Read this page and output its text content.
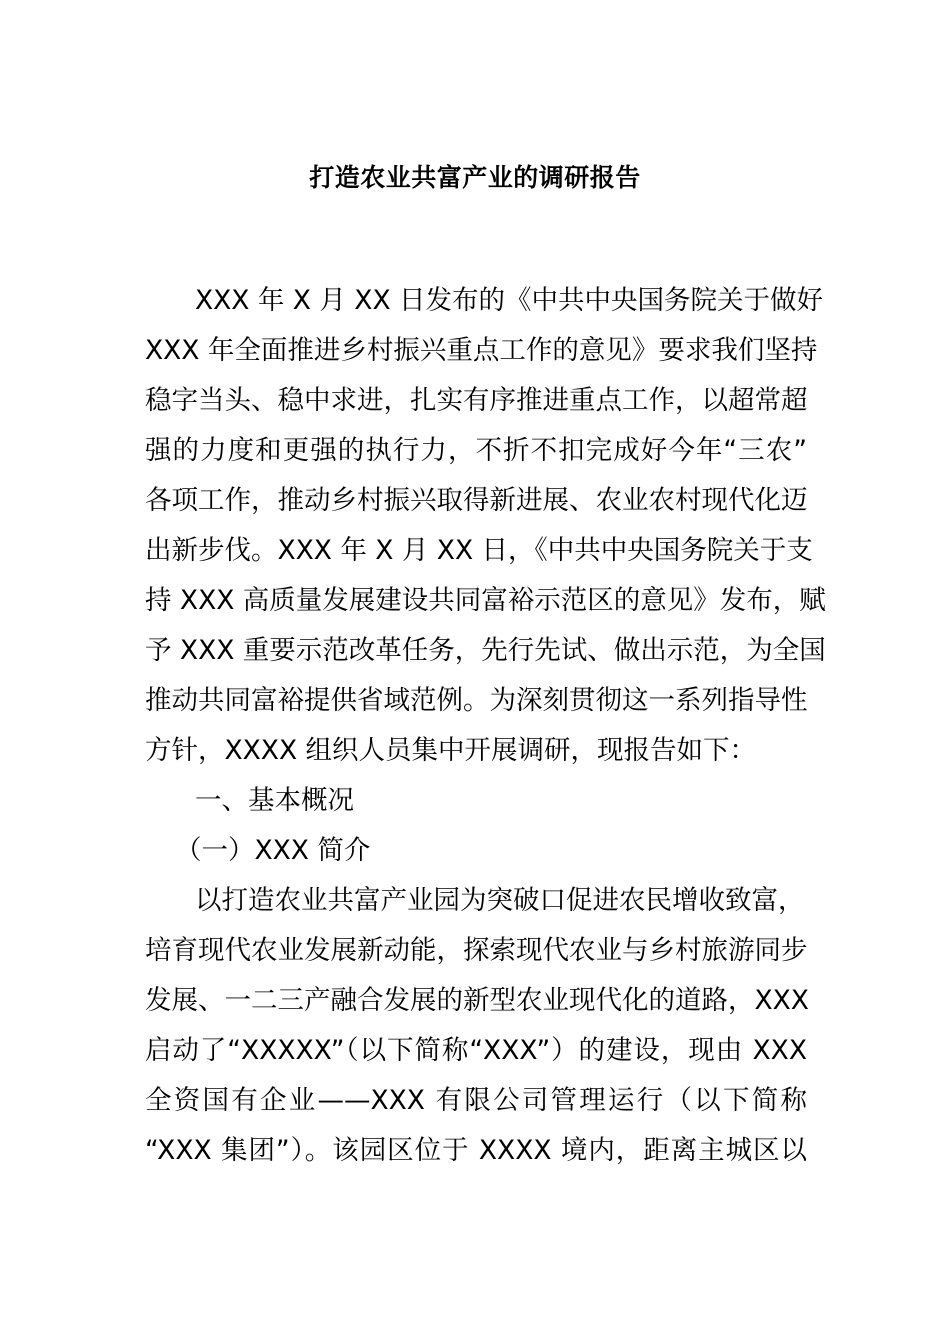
打造农业共富产业的调研报告
XXX 年 X 月 XX 日发布的《中共中央国务院关于做好
XXX 年全面推进乡村振兴重点工作的意见》要求我们坚持
稳字当头、稳中求进，扎实有序推进重点工作，以超常超
强的力度和更强的执行力，不折不扣完成好今年“三农”
各项工作，推动乡村振兴取得新进展、农业农村现代化迈
出新步伐。XXX 年 X 月 XX 日，《中共中央国务院关于支
持 XXX 高质量发展建设共同富裕示范区的意见》发布，赋
予 XXX 重要示范改革任务，先行先试、做出示范，为全国
推动共同富裕提供省域范例。为深刻贯彻这一系列指导性
方针，XXXX 组织人员集中开展调研，现报告如下：
一、基本概况
（一）XXX 简介
以打造农业共富产业园为突破口促进农民增收致富，
培育现代农业发展新动能，探索现代农业与乡村旅游同步
发展、一二三产融合发展的新型农业现代化的道路，XXX
启动了“XXXXX”（以下简称“XXX”）的建设，现由 XXX
全资国有企业——XXX 有限公司管理运行（以下简称
“XXX 集团”）。该园区位于 XXXX 境内，距离主城区以
